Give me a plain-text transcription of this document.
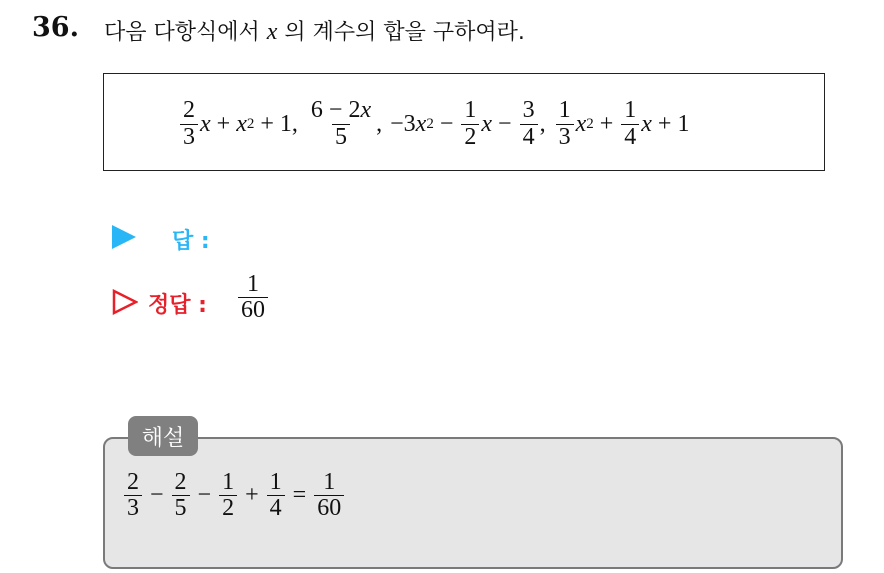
36. 다음 다항식에서 x 의 계수의 합을 구하여라.
$\frac{2}{3}$ x + x 2 + 1, $\frac{6 - 2x}{5}$ , −3 x $2 - \frac{1}{2}$ $x - \frac{3}{4}$ , $\frac{1}{3}$ x $2 + \frac{1}{4}$ x + 1
답 :
정답 : $\frac{1}{60}$
해설
$\frac{2}{3} - \frac{2}{5} - \frac{1}{2} + \frac{1}{4} = \frac{1}{60}$
